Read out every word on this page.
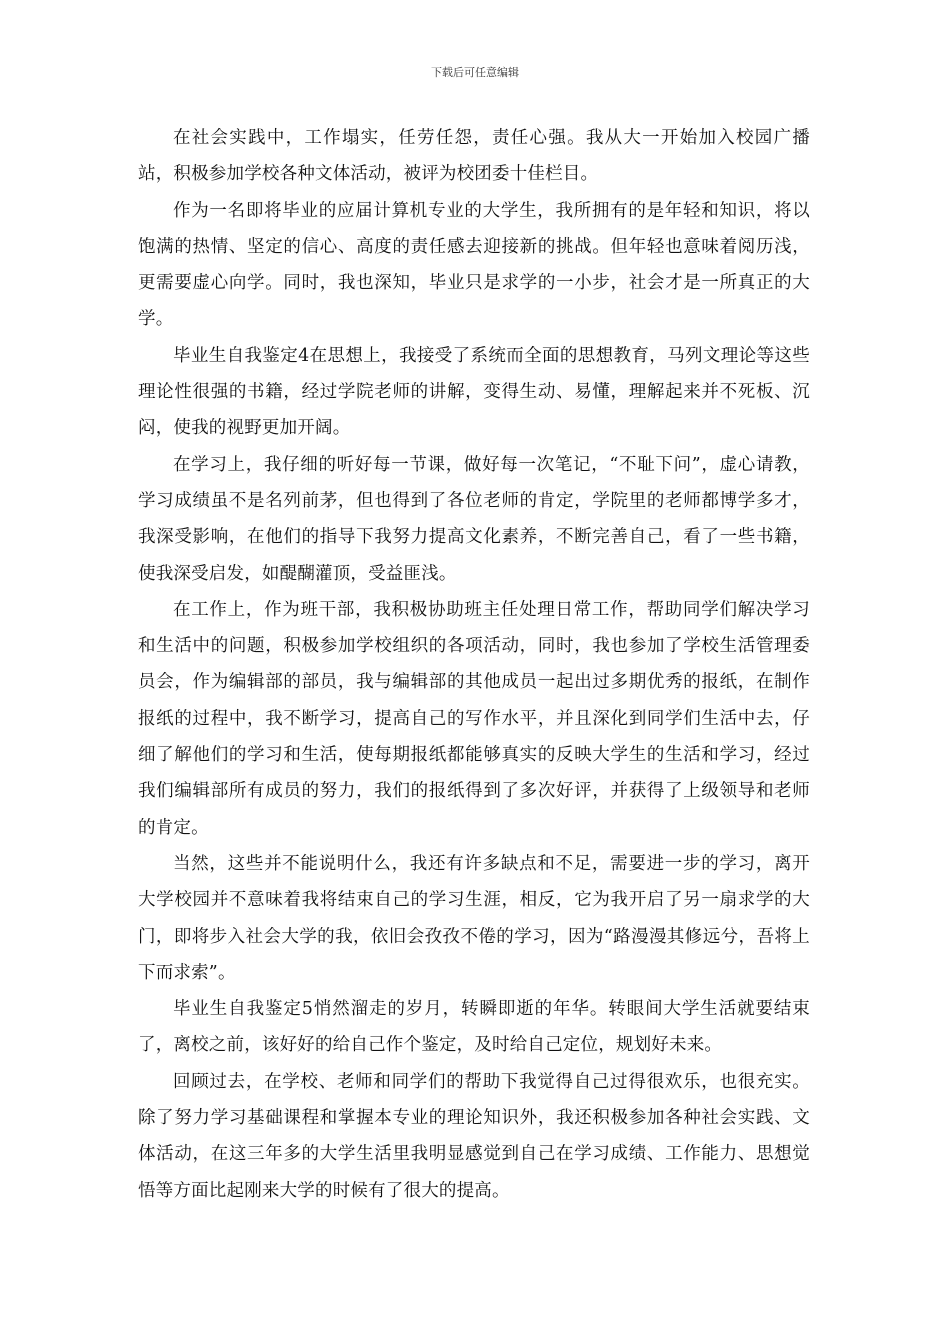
下载后可任意编辑

在社会实践中，工作塌实，任劳任怨，责任心强。我从大一开始加入校园广播站，积极参加学校各种文体活动，被评为校团委十佳栏目。

作为一名即将毕业的应届计算机专业的大学生，我所拥有的是年轻和知识，将以饱满的热情、坚定的信心、高度的责任感去迎接新的挑战。但年轻也意味着阅历浅，更需要虚心向学。同时，我也深知，毕业只是求学的一小步，社会才是一所真正的大学。

毕业生自我鉴定4在思想上，我接受了系统而全面的思想教育，马列文理论等这些理论性很强的书籍，经过学院老师的讲解，变得生动、易懂，理解起来并不死板、沉闷，使我的视野更加开阔。

在学习上，我仔细的听好每一节课，做好每一次笔记，“不耻下问”，虚心请教，学习成绩虽不是名列前茅，但也得到了各位老师的肯定，学院里的老师都博学多才，我深受影响，在他们的指导下我努力提高文化素养，不断完善自己，看了一些书籍，使我深受启发，如醍醐灌顶，受益匪浅。

在工作上，作为班干部，我积极协助班主任处理日常工作，帮助同学们解决学习和生活中的问题，积极参加学校组织的各项活动，同时，我也参加了学校生活管理委员会，作为编辑部的部员，我与编辑部的其他成员一起出过多期优秀的报纸，在制作报纸的过程中，我不断学习，提高自己的写作水平，并且深化到同学们生活中去，仔细了解他们的学习和生活，使每期报纸都能够真实的反映大学生的生活和学习，经过我们编辑部所有成员的努力，我们的报纸得到了多次好评，并获得了上级领导和老师的肯定。

当然，这些并不能说明什么，我还有许多缺点和不足，需要进一步的学习，离开大学校园并不意味着我将结束自己的学习生涯，相反，它为我开启了另一扇求学的大门，即将步入社会大学的我，依旧会孜孜不倦的学习，因为“路漫漫其修远兮，吾将上下而求索”。

毕业生自我鉴定5悄然溜走的岁月，转瞬即逝的年华。转眼间大学生活就要结束了，离校之前，该好好的给自己作个鉴定，及时给自己定位，规划好未来。

回顾过去，在学校、老师和同学们的帮助下我觉得自己过得很欢乐，也很充实。除了努力学习基础课程和掌握本专业的理论知识外，我还积极参加各种社会实践、文体活动，在这三年多的大学生活里我明显感觉到自己在学习成绩、工作能力、思想觉悟等方面比起刚来大学的时候有了很大的提高。
